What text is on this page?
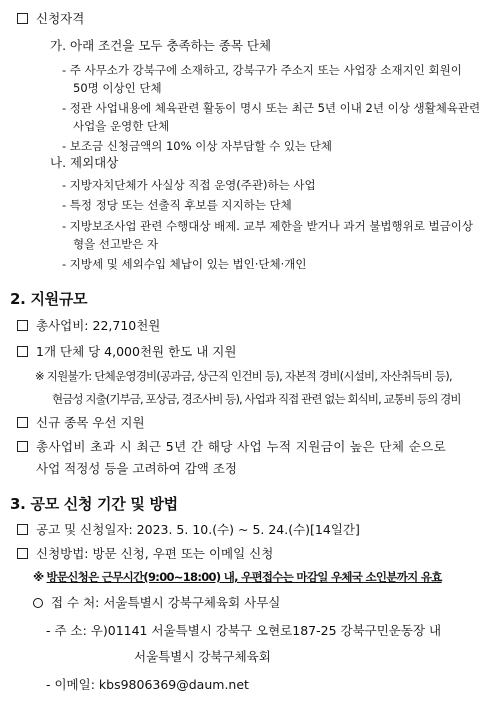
신청자격
가. 아래 조건을 모두 충족하는 종목 단체
- 주 사무소가 강북구에 소재하고, 강북구가 주소지 또는 사업장 소재지인 회원이
50명 이상인 단체
- 정관 사업내용에 체육관련 활동이 명시 또는 최근 5년 이내 2년 이상 생활체육관련
사업을 운영한 단체
- 보조금 신청금액의 10% 이상 자부담할 수 있는 단체
나. 제외대상
- 지방자치단체가 사실상 직접 운영(주관)하는 사업
- 특정 정당 또는 선출직 후보를 지지하는 단체
- 지방보조사업 관련 수행대상 배제. 교부 제한을 받거나 과거 불법행위로 벌금이상
형을 선고받은 자
- 지방세 및 세외수입 체납이 있는 법인·단체·개인
2. 지원규모
총사업비: 22,710천원
1개 단체 당 4,000천원 한도 내 지원
※ 지원불가: 단체운영경비(공과금, 상근직 인건비 등), 자본적 경비(시설비, 자산취득비 등),
현금성 지출(기부금, 포상금, 경조사비 등), 사업과 직접 관련 없는 회식비, 교통비 등의 경비
신규 종목 우선 지원
총사업비 초과 시 최근 5년 간 해당 사업 누적 지원금이 높은 단체 순으로
사업 적정성 등을 고려하여 감액 조정
3. 공모 신청 기간 및 방법
공고 및 신청일자: 2023. 5. 10.(수) ~ 5. 24.(수)[14일간]
신청방법: 방문 신청, 우편 또는 이메일 신청
※ 방문신청은 근무시간(9:00~18:00) 내, 우편접수는 마감일 우체국 소인분까지 유효
접 수 처: 서울특별시 강북구체육회 사무실
- 주 소: 우)01141 서울특별시 강북구 오현로187-25 강북구민운동장 내
서울특별시 강북구체육회
- 이메일: kbs9806369@daum.net
